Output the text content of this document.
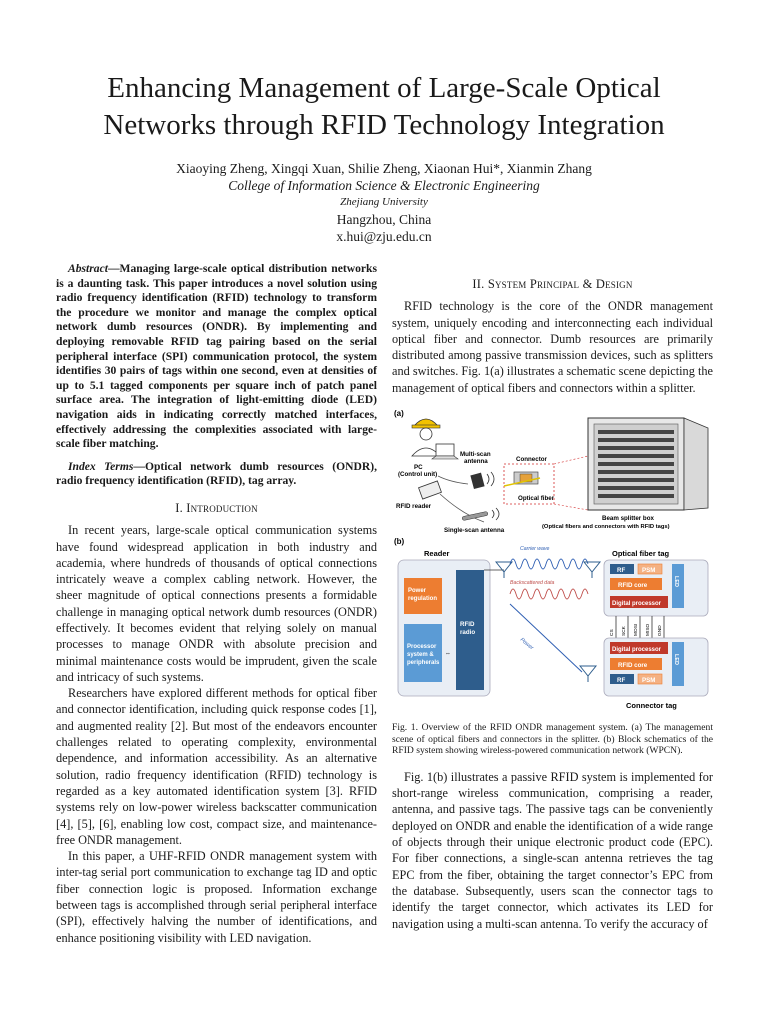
Enhancing Management of Large-Scale Optical
Networks through RFID Technology Integration
Xiaoying Zheng, Xingqi Xuan, Shilie Zheng, Xiaonan Hui*, Xianmin Zhang
College of Information Science & Electronic Engineering
Zhejiang University
Hangzhou, China
x.hui@zju.edu.cn

Abstract—Managing large-scale optical distribution networks is a daunting task. This paper introduces a novel solution using radio frequency identification (RFID) technology to transform the procedure we monitor and manage the complex optical network dumb resources (ONDR). By implementing and deploying removable RFID tag pairing based on the serial peripheral interface (SPI) communication protocol, the system identifies 30 pairs of tags within one second, even at densities of up to 5.1 tagged components per square inch of patch panel surface area. The integration of light-emitting diode (LED) navigation aids in indicating correctly matched interfaces, effectively addressing the complexities associated with large-scale fiber matching.

Index Terms—Optical network dumb resources (ONDR), radio frequency identification (RFID), tag array.

I. Introduction

In recent years, large-scale optical communication systems have found widespread application in both industry and academia, where hundreds of thousands of optical connections intricately weave a complex cabling network. However, the sheer magnitude of optical connections presents a formidable challenge in managing optical network dumb resources (ONDR) effectively. It becomes evident that relying solely on manual processes to manage ONDR with absolute precision and minimal maintenance costs would be imprudent, given the scale and intricacy of such systems.

Researchers have explored different methods for optical fiber and connector identification, including quick response codes [1], and augmented reality [2]. But most of the endeavors encounter challenges related to operating complexity, environmental dependence, and information accessibility. As an alternative solution, radio frequency identification (RFID) technology is regarded as a key automated identification system [3]. RFID systems rely on low-power wireless backscatter communication [4], [5], [6], enabling low cost, compact size, and maintenance-free ONDR management.

In this paper, a UHF-RFID ONDR management system with inter-tag serial port communication to exchange tag ID and optic fiber connection logic is proposed. Information exchange between tags is accomplished through serial peripheral interface (SPI), effectively halving the number of identifications, and enhance positioning visibility with LED navigation.

II. System Principal & Design

RFID technology is the core of the ONDR management system, uniquely encoding and interconnecting each individual optical fiber and connector. Dumb resources are primarily distributed among passive transmission devices, such as splitters and switches. Fig. 1(a) illustrates a schematic scene depicting the management of optical fibers and connectors within a splitter.

(a)
PC
(Control unit)
Multi-scan
antenna
RFID reader
Single-scan antenna
Connector
Optical fiber
Beam splitter box
(Optical fibers and connectors with RFID tags)
(b)
Reader
Power
regulation
Processor
system &
peripherals
⇔
RFID
radio
Carrier wave
Backscattered data
Power
Optical fiber tag
RF	PSM
RFID core
Digital processor
LED
CS SCK MOSI MISO GND
Digital processor
RFID core
RF	PSM
LED
Connector tag
Fig. 1. Overview of the RFID ONDR management system. (a) The management scene of optical fibers and connectors in the splitter. (b) Block schematics of the RFID system showing wireless-powered communication network (WPCN).

Fig. 1(b) illustrates a passive RFID system is implemented for short-range wireless communication, comprising a reader, antenna, and passive tags. The passive tags can be conveniently deployed on ONDR and enable the identification of a wide range of objects through their unique electronic product code (EPC). For fiber connections, a single-scan antenna retrieves the tag EPC from the fiber, obtaining the target connector’s EPC from the database. Subsequently, users scan the connector tags to identify the target connector, which activates its LED for navigation using a multi-scan antenna. To verify the accuracy of
